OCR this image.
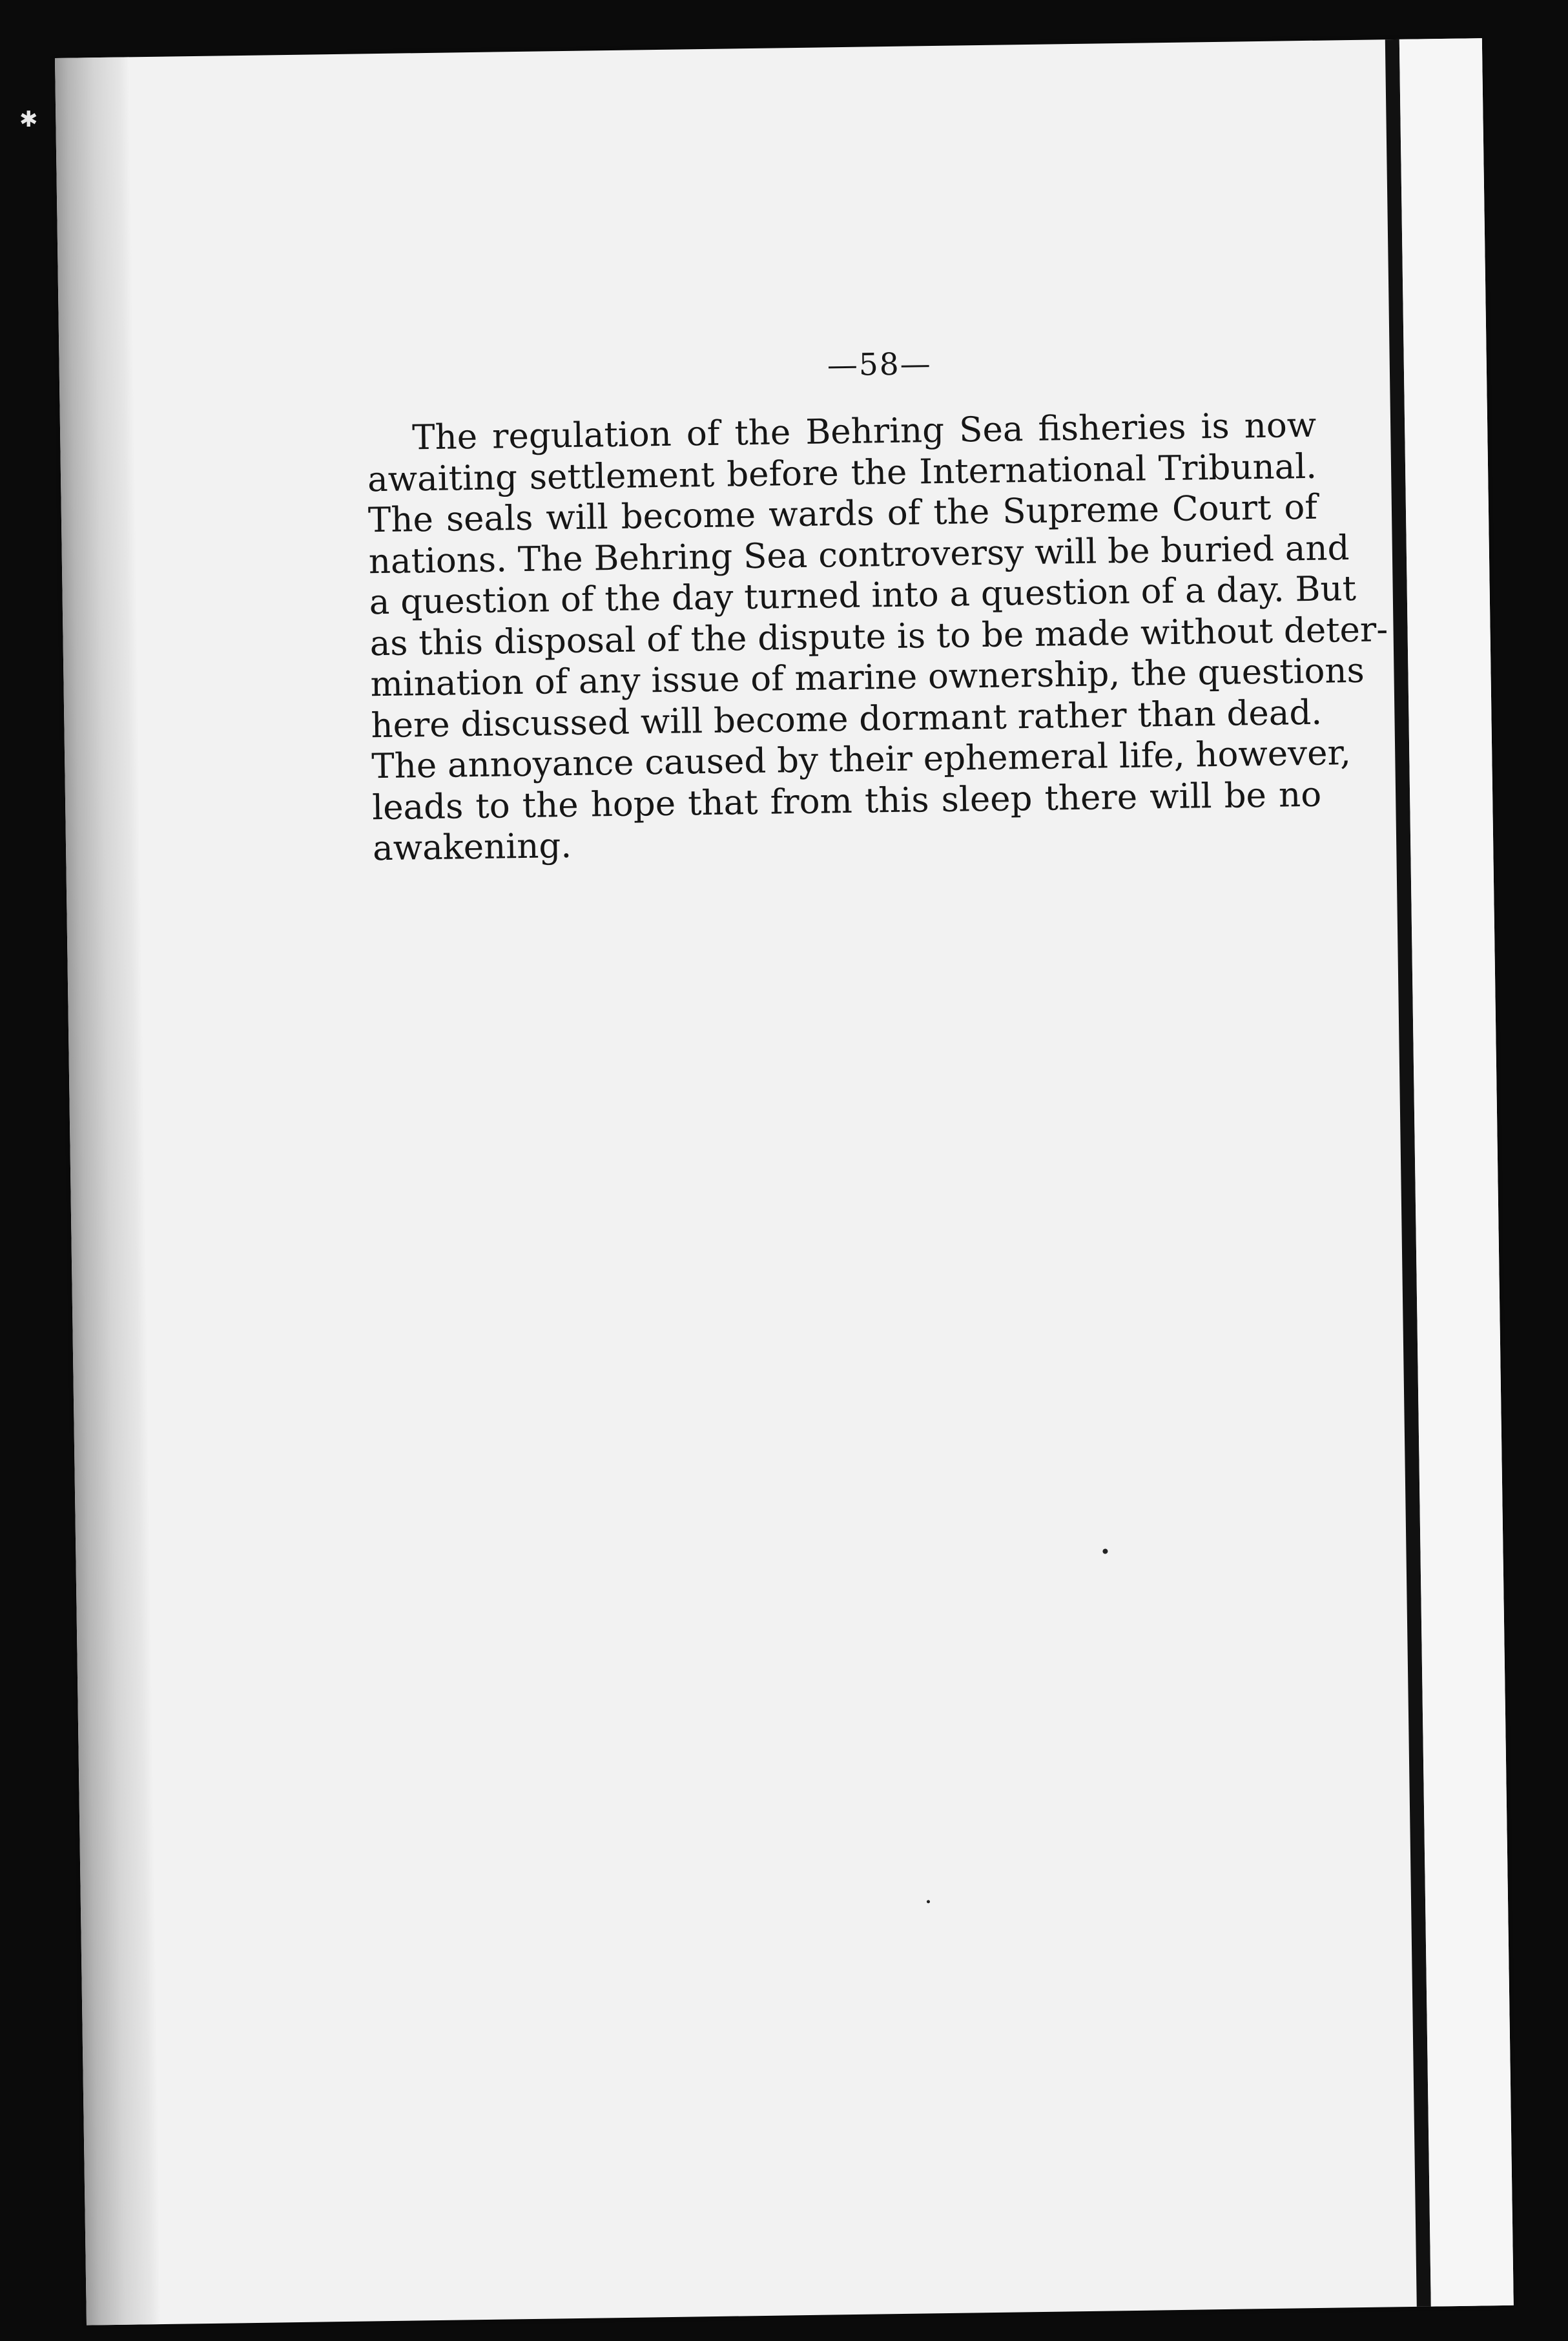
✱
—58—
The regulation of the Behring Sea fisheries is now
awaiting settlement before the International Tribunal.
The seals will become wards of the Supreme Court of
nations. The Behring Sea controversy will be buried and
a question of the day turned into a question of a day. But
as this disposal of the dispute is to be made without deter-
mination of any issue of marine ownership, the questions
here discussed will become dormant rather than dead.
The annoyance caused by their ephemeral life, however,
leads to the hope that from this sleep there will be no
awakening.
